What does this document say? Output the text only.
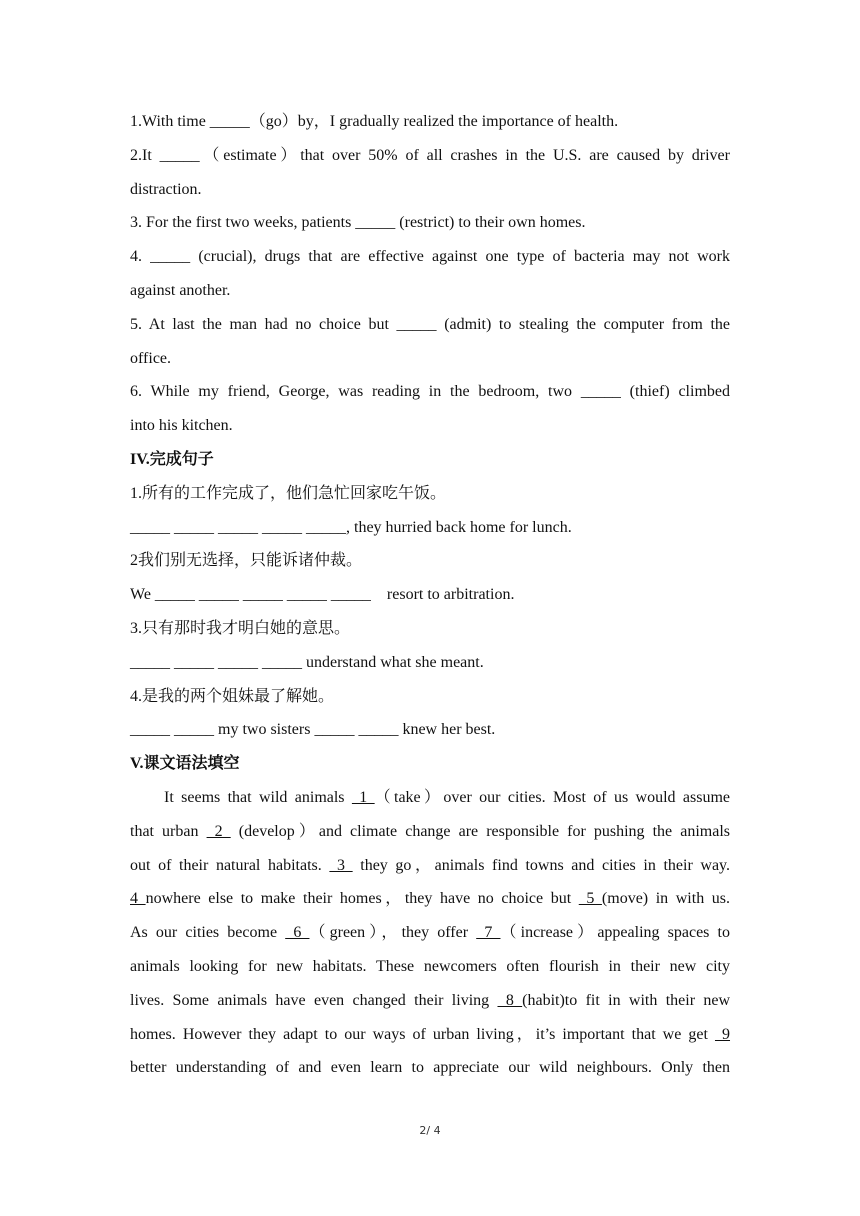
1.With time _____（go）by，I gradually realized the importance of health.
2.It _____（estimate）that over 50% of all crashes in the U.S. are caused by driver
distraction.
3. For the first two weeks, patients _____ (restrict) to their own homes.
4. _____ (crucial), drugs that are effective against one type of bacteria may not work
against another.
5. At last the man had no choice but _____ (admit) to stealing the computer from the
office.
6. While my friend, George, was reading in the bedroom, two _____ (thief) climbed
into his kitchen.
IV.完成句子
1.所有的工作完成了，他们急忙回家吃午饭。
_____ _____ _____ _____ _____, they hurried back home for lunch.
2我们别无选择，只能诉诸仲裁。
We _____ _____ _____ _____ _____    resort to arbitration.
3.只有那时我才明白她的意思。
_____ _____ _____ _____ understand what she meant.
4.是我的两个姐妹最了解她。
_____ _____ my two sisters _____ _____ knew her best.
V.课文语法填空
It seems that wild animals  1 （take）over our cities. Most of us would assume
that urban  2  (develop）and climate change are responsible for pushing the animals
out of their natural habitats.  3  they go，animals find towns and cities in their way.
4 nowhere else to make their homes，they have no choice but  5 (move) in with us.
As our cities become  6 （green），they offer  7 （increase）appealing spaces to
animals looking for new habitats. These newcomers often flourish in their new city
lives. Some animals have even changed their living  8 (habit)to fit in with their new
homes. However they adapt to our ways of urban living，it’s important that we get  9
better understanding of and even learn to appreciate our wild neighbours. Only then
2/ 4
